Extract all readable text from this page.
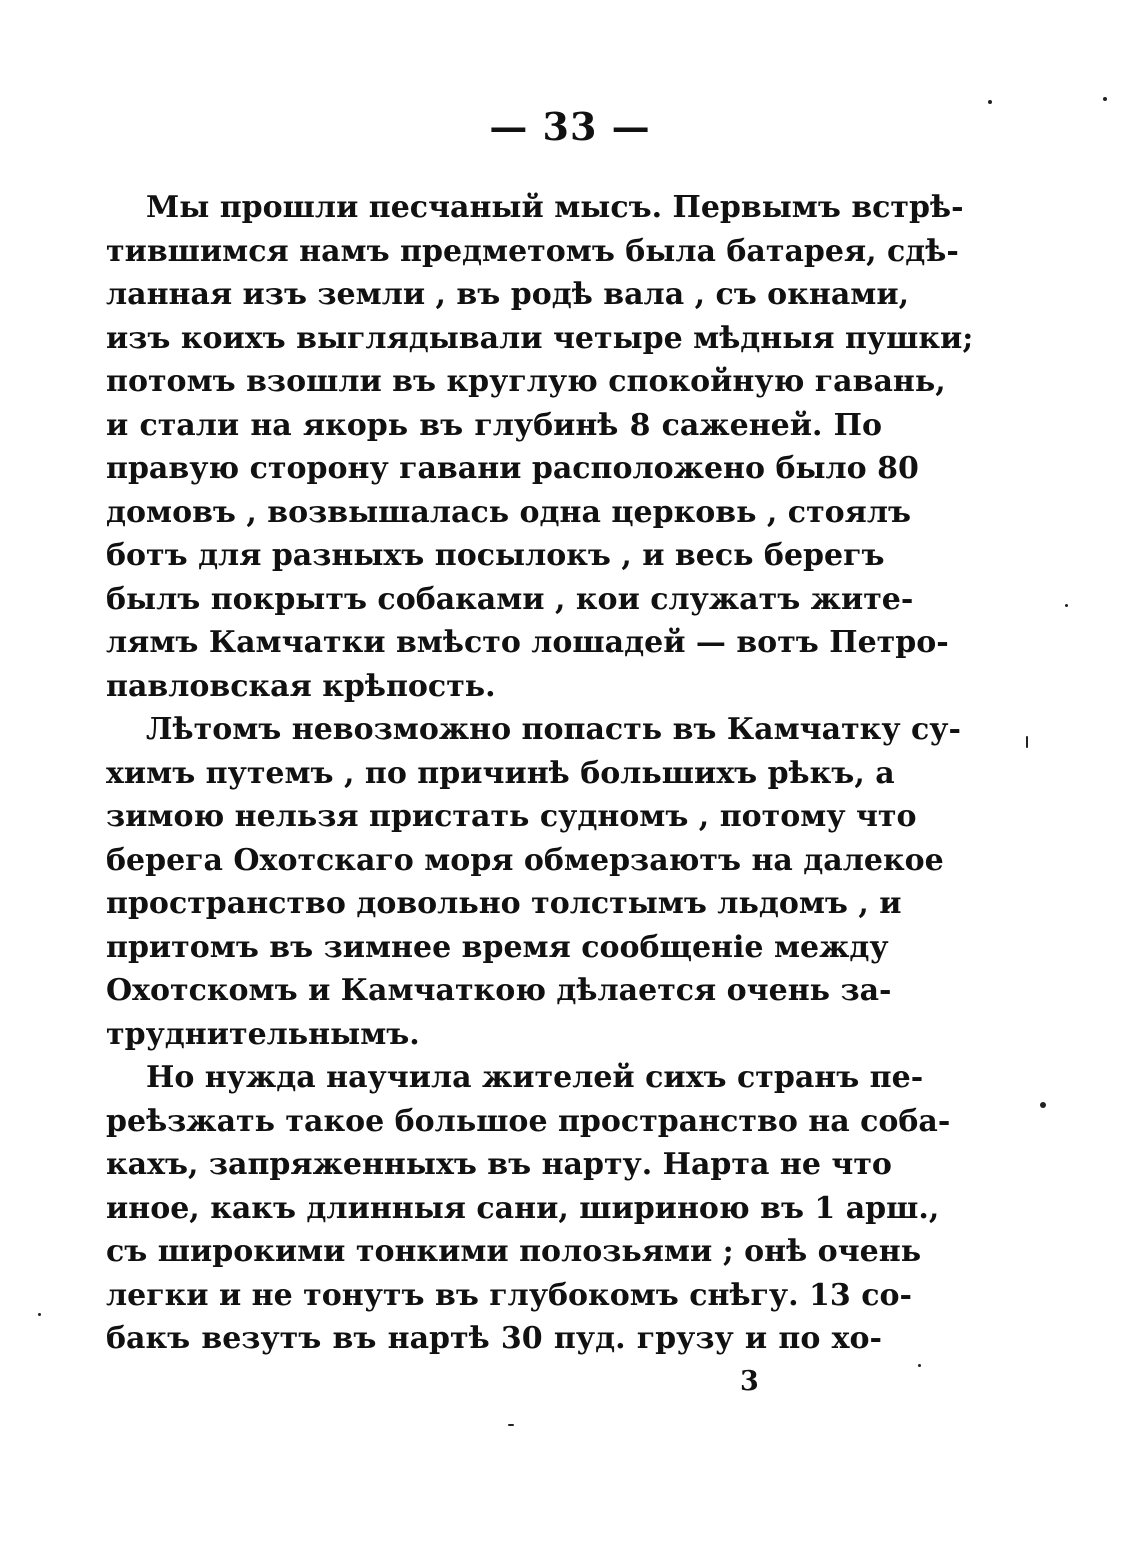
— 33 —
Мы прошли песчаный мысъ. Первымъ встрѣ-
тившимся намъ предметомъ была батарея, сдѣ-
ланная изъ земли , въ родѣ вала , съ окнами,
изъ коихъ выглядывали четыре мѣдныя пушки;
потомъ взошли въ круглую спокойную гавань,
и стали на якорь въ глубинѣ 8 саженей. По
правую сторону гавани расположено было 80
домовъ , возвышалась одна церковь , стоялъ
ботъ для разныхъ посылокъ , и весь берегъ
былъ покрытъ собаками , кои служатъ жите-
лямъ Камчатки вмѣсто лошадей — вотъ Петро-
павловская крѣпость.
Лѣтомъ невозможно попасть въ Камчатку су-
химъ путемъ , по причинѣ большихъ рѣкъ, а
зимою нельзя пристать судномъ , потому что
берега Охотскаго моря обмерзаютъ на далекое
пространство довольно толстымъ льдомъ , и
притомъ въ зимнее время сообщеніе между
Охотскомъ и Камчаткою дѣлается очень за-
труднительнымъ.
Но нужда научила жителей сихъ странъ пе-
реѣзжать такое большое пространство на соба-
кахъ, запряженныхъ въ нарту. Нарта не что
иное, какъ длинныя сани, шириною въ 1 арш.,
съ широкими тонкими полозьями ; онѣ очень
легки и не тонутъ въ глубокомъ снѣгу. 13 со-
бакъ везутъ въ нартѣ 30 пуд. грузу и по хо-
3
